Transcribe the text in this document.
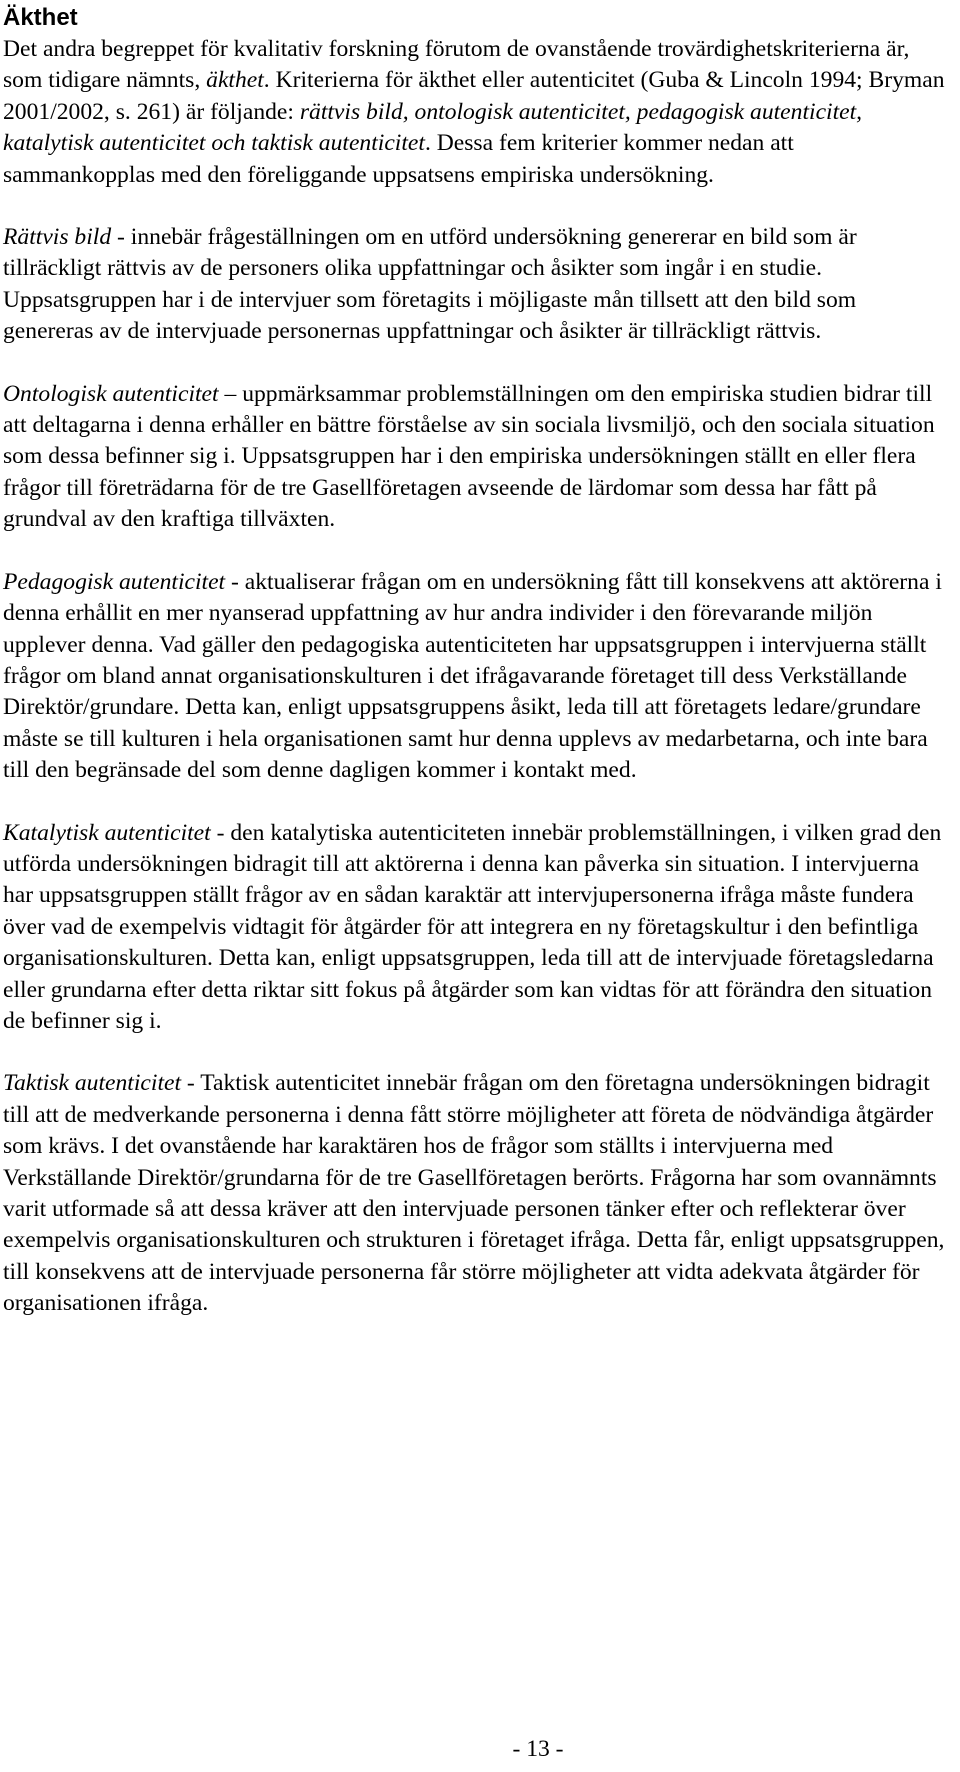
Äkthet

Det andra begreppet för kvalitativ forskning förutom de ovanstående trovärdighetskriterierna är, som tidigare nämnts, äkthet. Kriterierna för äkthet eller autenticitet (Guba & Lincoln 1994; Bryman 2001/2002, s. 261) är följande: rättvis bild, ontologisk autenticitet, pedagogisk autenticitet, katalytisk autenticitet och taktisk autenticitet. Dessa fem kriterier kommer nedan att sammankopplas med den föreliggande uppsatsens empiriska undersökning.

Rättvis bild - innebär frågeställningen om en utförd undersökning genererar en bild som är tillräckligt rättvis av de personers olika uppfattningar och åsikter som ingår i en studie. Uppsatsgruppen har i de intervjuer som företagits i möjligaste mån tillsett att den bild som genereras av de intervjuade personernas uppfattningar och åsikter är tillräckligt rättvis.

Ontologisk autenticitet – uppmärksammar problemställningen om den empiriska studien bidrar till att deltagarna i denna erhåller en bättre förståelse av sin sociala livsmiljö, och den sociala situation som dessa befinner sig i. Uppsatsgruppen har i den empiriska undersökningen ställt en eller flera frågor till företrädarna för de tre Gasellföretagen avseende de lärdomar som dessa har fått på grundval av den kraftiga tillväxten.

Pedagogisk autenticitet - aktualiserar frågan om en undersökning fått till konsekvens att aktörerna i denna erhållit en mer nyanserad uppfattning av hur andra individer i den förevarande miljön upplever denna. Vad gäller den pedagogiska autenticiteten har uppsatsgruppen i intervjuerna ställt frågor om bland annat organisationskulturen i det ifrågavarande företaget till dess Verkställande Direktör/grundare. Detta kan, enligt uppsatsgruppens åsikt, leda till att företagets ledare/grundare måste se till kulturen i hela organisationen samt hur denna upplevs av medarbetarna, och inte bara till den begränsade del som denne dagligen kommer i kontakt med.

Katalytisk autenticitet - den katalytiska autenticiteten innebär problemställningen, i vilken grad den utförda undersökningen bidragit till att aktörerna i denna kan påverka sin situation. I intervjuerna har uppsatsgruppen ställt frågor av en sådan karaktär att intervjupersonerna ifråga måste fundera över vad de exempelvis vidtagit för åtgärder för att integrera en ny företagskultur i den befintliga organisationskulturen. Detta kan, enligt uppsatsgruppen, leda till att de intervjuade företagsledarna eller grundarna efter detta riktar sitt fokus på åtgärder som kan vidtas för att förändra den situation de befinner sig i.

Taktisk autenticitet - Taktisk autenticitet innebär frågan om den företagna undersökningen bidragit till att de medverkande personerna i denna fått större möjligheter att företa de nödvändiga åtgärder som krävs. I det ovanstående har karaktären hos de frågor som ställts i intervjuerna med Verkställande Direktör/grundarna för de tre Gasellföretagen berörts. Frågorna har som ovannämnts varit utformade så att dessa kräver att den intervjuade personen tänker efter och reflekterar över exempelvis organisationskulturen och strukturen i företaget ifråga. Detta får, enligt uppsatsgruppen, till konsekvens att de intervjuade personerna får större möjligheter att vidta adekvata åtgärder för organisationen ifråga.

- 13 -
